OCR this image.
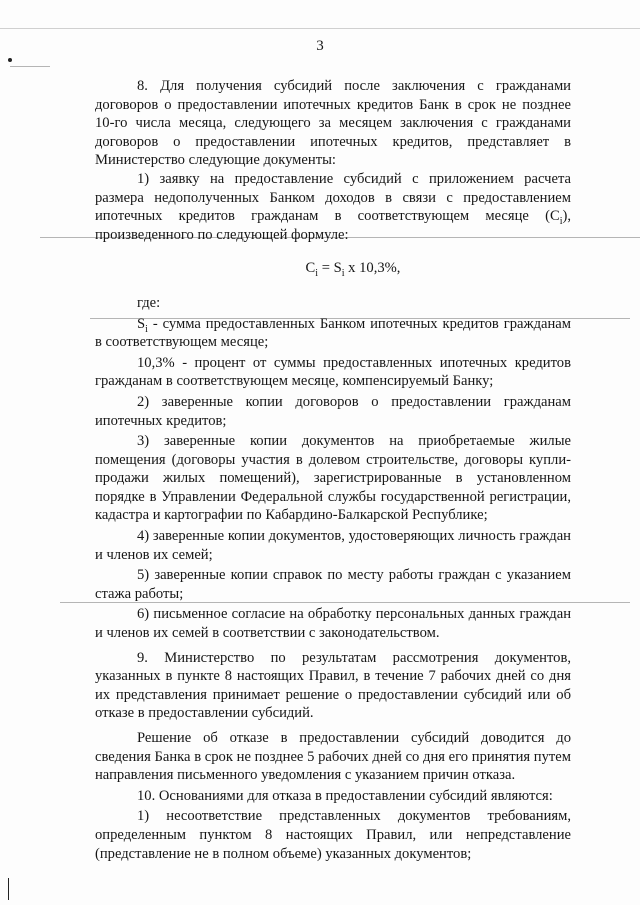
3

8. Для получения субсидий после заключения с гражданами договоров о предоставлении ипотечных кредитов Банк в срок не позднее 10-го числа месяца, следующего за месяцем заключения с гражданами договоров о предоставлении ипотечных кредитов, представляет в Министерство следующие документы:

1) заявку на предоставление субсидий с приложением расчета размера недополученных Банком доходов в связи с предоставлением ипотечных кредитов гражданам в соответствующем месяце $(C_i)$, произведенного по следующей формуле:

$C_i = S_i$ x 10,3%,

где:

$S_i$ - сумма предоставленных Банком ипотечных кредитов гражданам в соответствующем месяце;

10,3% - процент от суммы предоставленных ипотечных кредитов гражданам в соответствующем месяце, компенсируемый Банку;

2) заверенные копии договоров о предоставлении гражданам ипотечных кредитов;

3) заверенные копии документов на приобретаемые жилые помещения (договоры участия в долевом строительстве, договоры купли-продажи жилых помещений), зарегистрированные в установленном порядке в Управлении Федеральной службы государственной регистрации, кадастра и картографии по Кабардино-Балкарской Республике;

4) заверенные копии документов, удостоверяющих личность граждан и членов их семей;

5) заверенные копии справок по месту работы граждан с указанием стажа работы;

6) письменное согласие на обработку персональных данных граждан и членов их семей в соответствии с законодательством.

9. Министерство по результатам рассмотрения документов, указанных в пункте 8 настоящих Правил, в течение 7 рабочих дней со дня их представления принимает решение о предоставлении субсидий или об отказе в предоставлении субсидий.

Решение об отказе в предоставлении субсидий доводится до сведения Банка в срок не позднее 5 рабочих дней со дня его принятия путем направления письменного уведомления с указанием причин отказа.

10. Основаниями для отказа в предоставлении субсидий являются:

1) несоответствие представленных документов требованиям, определенным пунктом 8 настоящих Правил, или непредставление (представление не в полном объеме) указанных документов;
